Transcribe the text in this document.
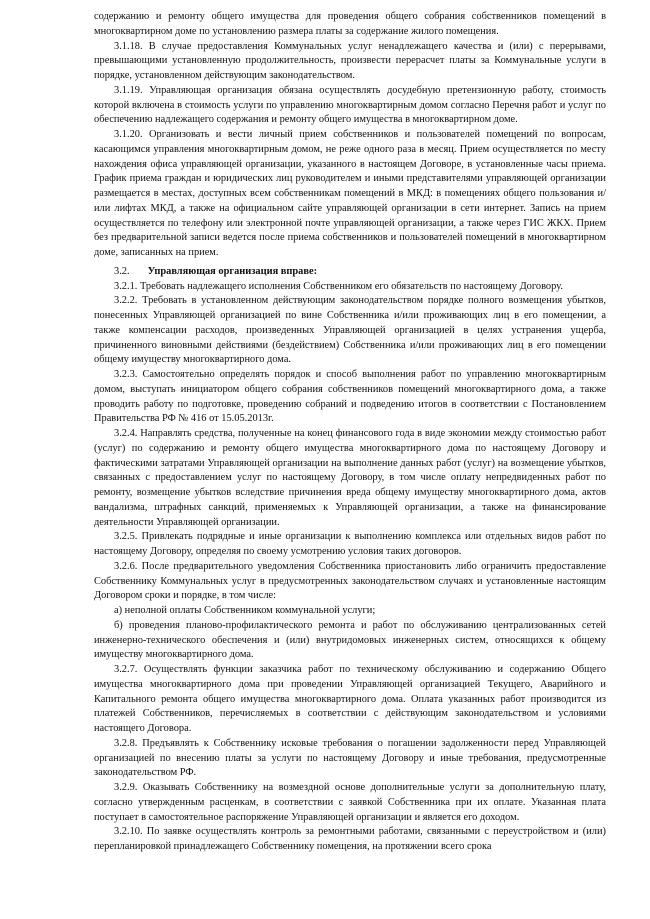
содержанию и ремонту общего имущества для проведения общего собрания собственников помещений в многоквартирном доме по установлению размера платы за содержание жилого помещения.

3.1.18. В случае предоставления Коммунальных услуг ненадлежащего качества и (или) с перерывами, превышающими установленную продолжительность, произвести перерасчет платы за Коммунальные услуги в порядке, установленном действующим законодательством.

3.1.19. Управляющая организация обязана осуществлять досудебную претензионную работу, стоимость которой включена в стоимость услуги по управлению многоквартирным домом согласно Перечня работ и услуг по обеспечению надлежащего содержания и ремонту общего имущества в многоквартирном доме.

3.1.20. Организовать и вести личный прием собственников и пользователей помещений по вопросам, касающимся управления многоквартирным домом, не реже одного раза в месяц. Прием осуществляется по месту нахождения офиса управляющей организации, указанного в настоящем Договоре, в установленные часы приема. График приема граждан и юридических лиц руководителем и иными представителями управляющей организации размещается в местах, доступных всем собственникам помещений в МКД: в помещениях общего пользования и/или лифтах МКД, а также на официальном сайте управляющей организации в сети интернет. Запись на прием осуществляется по телефону или электронной почте управляющей организации, а также через ГИС ЖКХ. Прием без предварительной записи ведется после приема собственников и пользователей помещений в многоквартирном доме, записанных на прием.

3.2. Управляющая организация вправе:

3.2.1. Требовать надлежащего исполнения Собственником его обязательств по настоящему Договору.

3.2.2. Требовать в установленном действующим законодательством порядке полного возмещения убытков, понесенных Управляющей организацией по вине Собственника и/или проживающих лиц в его помещении, а также компенсации расходов, произведенных Управляющей организацией в целях устранения ущерба, причиненного виновными действиями (бездействием) Собственника и/или проживающих лиц в его помещении общему имуществу многоквартирного дома.

3.2.3. Самостоятельно определять порядок и способ выполнения работ по управлению многоквартирным домом, выступать инициатором общего собрания собственников помещений многоквартирного дома, а также проводить работу по подготовке, проведению собраний и подведению итогов в соответствии с Постановлением Правительства РФ № 416 от 15.05.2013г.

3.2.4. Направлять средства, полученные на конец финансового года в виде экономии между стоимостью работ (услуг) по содержанию и ремонту общего имущества многоквартирного дома по настоящему Договору и фактическими затратами Управляющей организации на выполнение данных работ (услуг) на возмещение убытков, связанных с предоставлением услуг по настоящему Договору, в том числе оплату непредвиденных работ по ремонту, возмещение убытков вследствие причинения вреда общему имуществу многоквартирного дома, актов вандализма, штрафных санкций, применяемых к Управляющей организации, а также на финансирование деятельности Управляющей организации.

3.2.5. Привлекать подрядные и иные организации к выполнению комплекса или отдельных видов работ по настоящему Договору, определяя по своему усмотрению условия таких договоров.

3.2.6. После предварительного уведомления Собственника приостановить либо ограничить предоставление Собственнику Коммунальных услуг в предусмотренных законодательством случаях и установленные настоящим Договором сроки и порядке, в том числе:

а) неполной оплаты Собственником коммунальной услуги;

б) проведения планово-профилактического ремонта и работ по обслуживанию централизованных сетей инженерно-технического обеспечения и (или) внутридомовых инженерных систем, относящихся к общему имуществу многоквартирного дома.

3.2.7. Осуществлять функции заказчика работ по техническому обслуживанию и содержанию Общего имущества многоквартирного дома при проведении Управляющей организацией Текущего, Аварийного и Капитального ремонта общего имущества многоквартирного дома. Оплата указанных работ производится из платежей Собственников, перечисляемых в соответствии с действующим законодательством и условиями настоящего Договора.

3.2.8. Предъявлять к Собственнику исковые требования о погашении задолженности перед Управляющей организацией по внесению платы за услуги по настоящему Договору и иные требования, предусмотренные законодательством РФ.

3.2.9. Оказывать Собственнику на возмездной основе дополнительные услуги за дополнительную плату, согласно утвержденным расценкам, в соответствии с заявкой Собственника при их оплате. Указанная плата поступает в самостоятельное распоряжение Управляющей организации и является его доходом.

3.2.10. По заявке осуществлять контроль за ремонтными работами, связанными с переустройством и (или) перепланировкой принадлежащего Собственнику помещения, на протяжении всего срока
